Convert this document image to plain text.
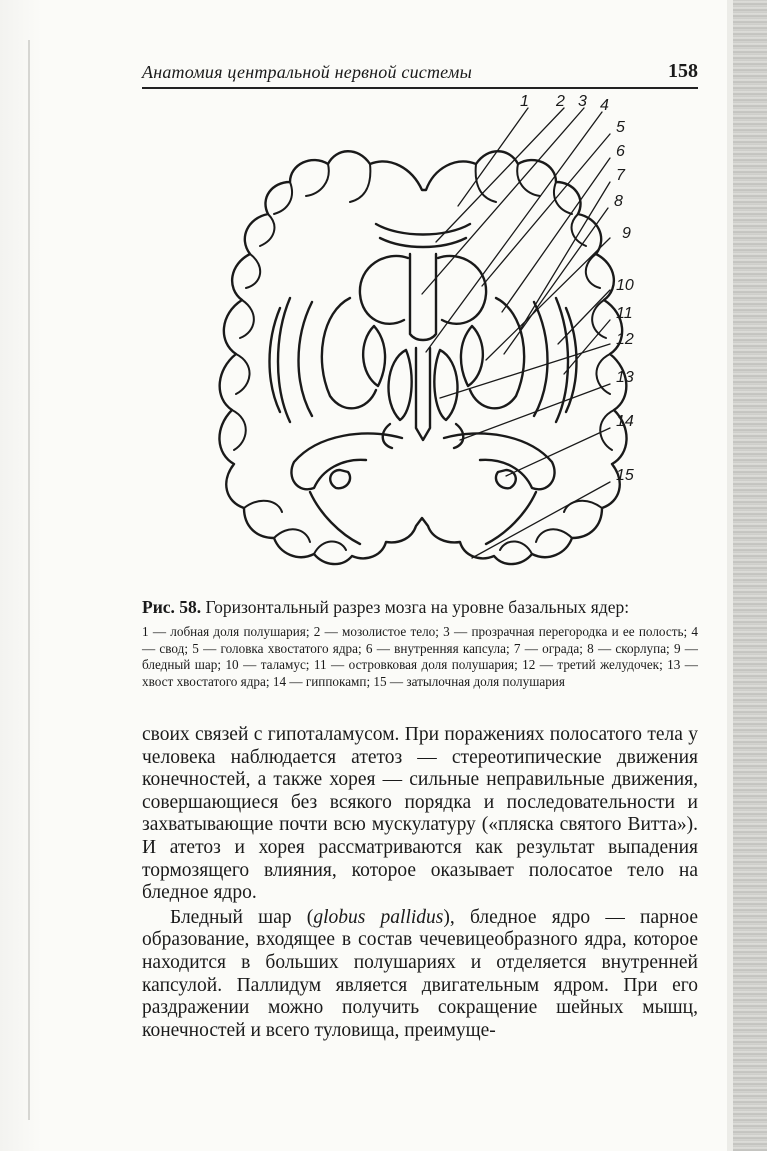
Анатомия центральной нервной системы	158
1 2 3 4
5
6
7
8
9
10
11
12
13
14
15

Рис. 58. Горизонтальный разрез мозга на уровне базальных ядер:

1 — лобная доля полушария; 2 — мозолистое тело; 3 — прозрачная перегородка и ее полость; 4 — свод; 5 — головка хвостатого ядра; 6 — внутренняя капсула; 7 — ограда; 8 — скорлупа; 9 — бледный шар; 10 — таламус; 11 — островковая доля полушария; 12 — третий желудочек; 13 — хвост хвостатого ядра; 14 — гиппокамп; 15 — затылочная доля полушария

своих связей с гипоталамусом. При поражениях полосатого тела у человека наблюдается атетоз — стереотипические движения конечностей, а также хорея — сильные неправильные движения, совершающиеся без всякого порядка и последовательности и захватывающие почти всю мускулатуру («пляска святого Витта»). И атетоз и хорея рассматриваются как результат выпадения тормозящего влияния, которое оказывает полосатое тело на бледное ядро.

Бледный шар (globus pallidus), бледное ядро — парное образование, входящее в состав чечевицеобразного ядра, которое находится в больших полушариях и отделяется внутренней капсулой. Паллидум является двигательным ядром. При его раздражении можно получить сокращение шейных мышц, конечностей и всего туловища, преимуще-
